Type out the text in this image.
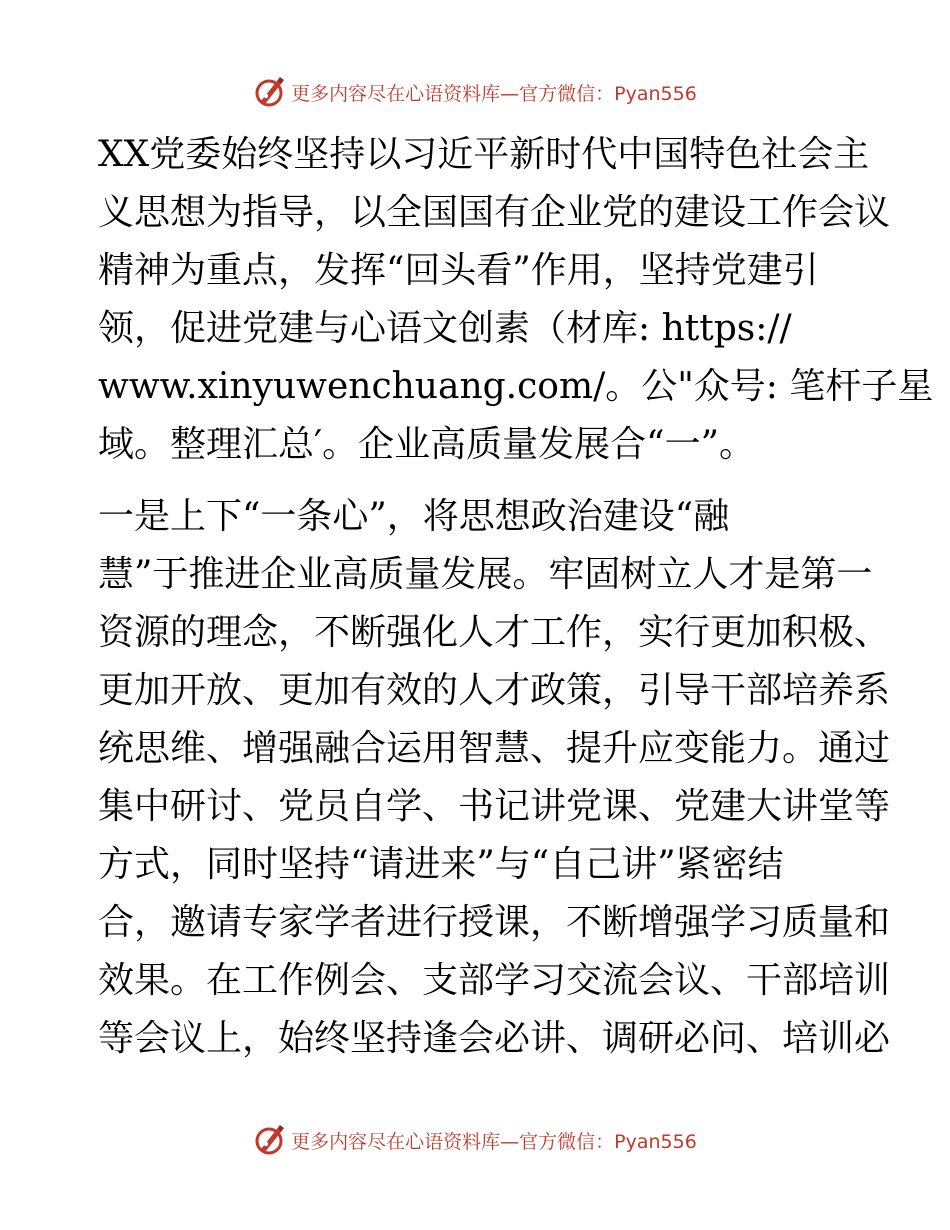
更多内容尽在心语资料库—官方微信：Pyan556

XX党委始终坚持以习近平新时代中国特色社会主
义思想为指导，以全国国有企业党的建设工作会议
精神为重点，发挥“回头看”作用，坚持党建引
领，促进党建与心语文创素（材库: https://
www.xinyuwenchuang.com/。公"众号: 笔杆子星
域。整理汇总′。企业高质量发展合“一”。

一是上下“一条心”，将思想政治建设“融
慧”于推进企业高质量发展。牢固树立人才是第一
资源的理念，不断强化人才工作，实行更加积极、
更加开放、更加有效的人才政策，引导干部培养系
统思维、增强融合运用智慧、提升应变能力。通过
集中研讨、党员自学、书记讲党课、党建大讲堂等
方式，同时坚持“请进来”与“自己讲”紧密结
合，邀请专家学者进行授课，不断增强学习质量和
效果。在工作例会、支部学习交流会议、干部培训
等会议上，始终坚持逢会必讲、调研必问、培训必

更多内容尽在心语资料库—官方微信：Pyan556
